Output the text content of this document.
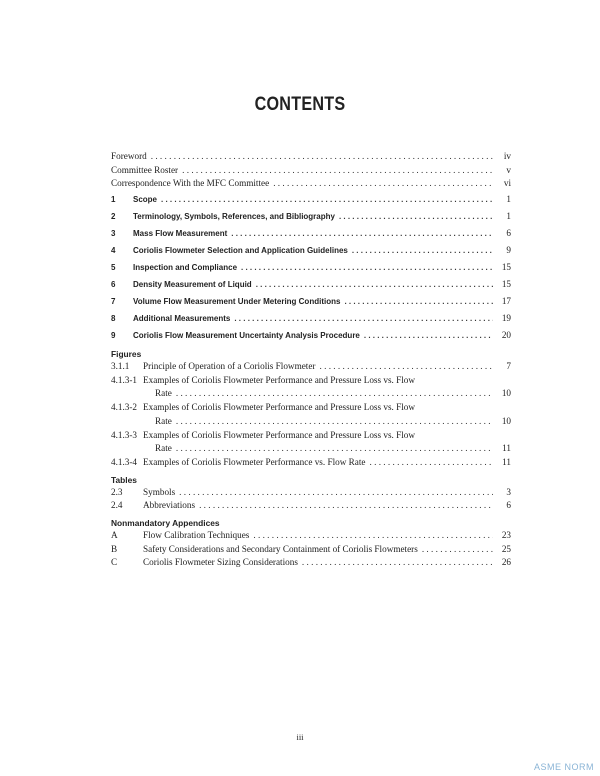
CONTENTS
Foreword . . .	iv
Committee Roster . . .	v
Correspondence With the MFC Committee . . .	vi
1	Scope . . .	1
2	Terminology, Symbols, References, and Bibliography . . .	1
3	Mass Flow Measurement . . .	6
4	Coriolis Flowmeter Selection and Application Guidelines . . .	9
5	Inspection and Compliance . . .	15
6	Density Measurement of Liquid . . .	15
7	Volume Flow Measurement Under Metering Conditions . . .	17
8	Additional Measurements . . .	19
9	Coriolis Flow Measurement Uncertainty Analysis Procedure . . .	20
Figures
3.1.1	Principle of Operation of a Coriolis Flowmeter . . .	7
4.1.3-1 Examples of Coriolis Flowmeter Performance and Pressure Loss vs. Flow
Rate . . .	10
4.1.3-2 Examples of Coriolis Flowmeter Performance and Pressure Loss vs. Flow
Rate . . .	10
4.1.3-3 Examples of Coriolis Flowmeter Performance and Pressure Loss vs. Flow
Rate . . .	11
4.1.3-4 Examples of Coriolis Flowmeter Performance vs. Flow Rate . . .	11
Tables
2.3	Symbols . . .	3
2.4	Abbreviations . . .	6
Nonmandatory Appendices
A	Flow Calibration Techniques . . .	23
B	Safety Considerations and Secondary Containment of Coriolis Flowmeters . . .	25
C	Coriolis Flowmeter Sizing Considerations . . .	26
iii
ASME NORM
